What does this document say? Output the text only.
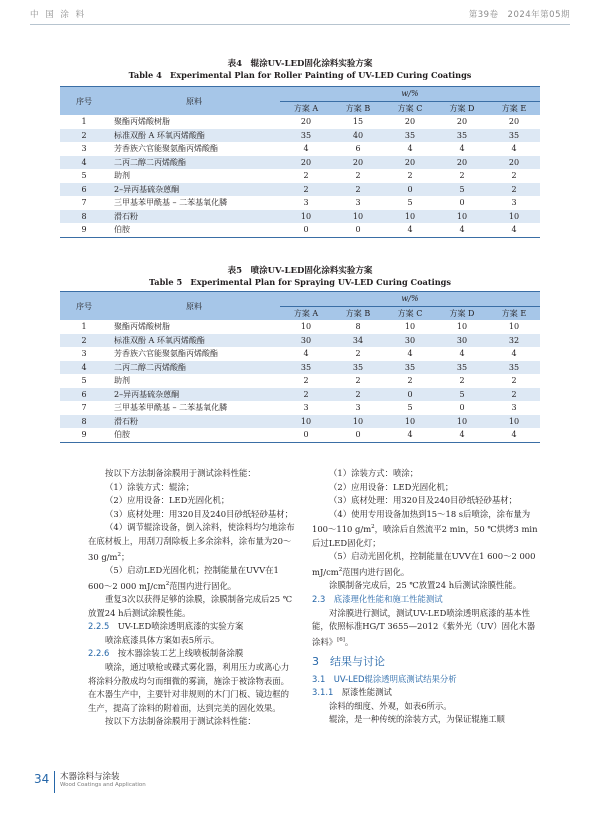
中 国 涂 料	第39卷　2024年第05期
表4　辊涂UV-LED固化涂料实验方案
Table 4　Experimental Plan for Roller Painting of UV-LED Curing Coatings
序号	原料	w/%				
		方案 A	方案 B	方案 C	方案 D	方案 E
1	聚酯丙烯酸树脂	20	15	20	20	20
2	标准双酚 A 环氧丙烯酸酯	35	40	35	35	35
3	芳香族六官能聚氨酯丙烯酸酯	4	6	4	4	4
4	二丙二醇二丙烯酸酯	20	20	20	20	20
5	助剂	2	2	2	2	2
6	2–异丙基硫杂蒽酮	2	2	0	5	2
7	三甲基苯甲酰基 – 二苯基氧化膦	3	3	5	0	3
8	滑石粉	10	10	10	10	10
9	伯胺	0	0	4	4	4
表5　喷涂UV-LED固化涂料实验方案
Table 5　Experimental Plan for Spraying UV-LED Curing Coatings
序号	原料	w/%				
		方案 A	方案 B	方案 C	方案 D	方案 E
1	聚酯丙烯酸树脂	10	8	10	10	10
2	标准双酚 A 环氧丙烯酸酯	30	34	30	30	32
3	芳香族六官能聚氨酯丙烯酸酯	4	2	4	4	4
4	二丙二醇二丙烯酸酯	35	35	35	35	35
5	助剂	2	2	2	2	2
6	2–异丙基硫杂蒽酮	2	2	0	5	2
7	三甲基苯甲酰基 – 二苯基氧化膦	3	3	5	0	3
8	滑石粉	10	10	10	10	10
9	伯胺	0	0	4	4	4

按以下方法制备涂膜用于测试涂料性能：

（1）涂装方式：辊涂；

（2）应用设备：LED光固化机；

（3）底材处理：用320目及240目砂纸轻砂基材；

（4）调节辊涂设备，倒入涂料，使涂料均匀地涂布在底材板上，用刮刀刮除板上多余涂料，涂布量为20～30 $g/m^2$；

（5）启动LED光固化机；控制能量在UVV在1 600～2 000 $mJ/cm^2$范围内进行固化。

重复3次以获得足够的涂膜，涂膜制备完成后25 ℃放置24 h后测试涂膜性能。

2.2.5　 UV-LED喷涂透明底漆的实验方案

喷涂底漆具体方案如表5所示。

2.2.6　 按木器涂装工艺上线喷板制备涂膜

喷涂，通过喷枪或碟式雾化器，利用压力或离心力将涂料分散成均匀而细微的雾滴，施涂于被涂物表面。在木器生产中，主要针对非规则的木门门板、镜边框的生产，提高了涂料的附着面，达到完美的固化效果。

按以下方法制备涂膜用于测试涂料性能：

（1）涂装方式：喷涂；

（2）应用设备：LED光固化机；

（3）底材处理：用320目及240目砂纸轻砂基材；

（4）使用专用设备加热到15～18 s后喷涂，涂布量为100～110 $g/m^2$，喷涂后自然流平2 min，50 ℃烘烤3 min后过LED固化灯；

（5）启动光固化机，控制能量在UVV在1 600～2 000 $mJ/cm^2$范围内进行固化。

涂膜制备完成后，25 ℃放置24 h后测试涂膜性能。

2.3　 底漆理化性能和施工性能测试

对涂膜进行测试，测试UV-LED喷涂透明底漆的基本性能，依照标准HG/T 3655—2012《紫外光（UV）固化木器涂料》[6]。

3　 结果与讨论

3.1　 UV-LED辊涂透明底测试结果分析

3.1.1　 原漆性能测试

涂料的细度、外观，如表6所示。

辊涂，是一种传统的涂装方式，为保证辊施工顺

34 木器涂料与涂装
Wood Coatings and Application
